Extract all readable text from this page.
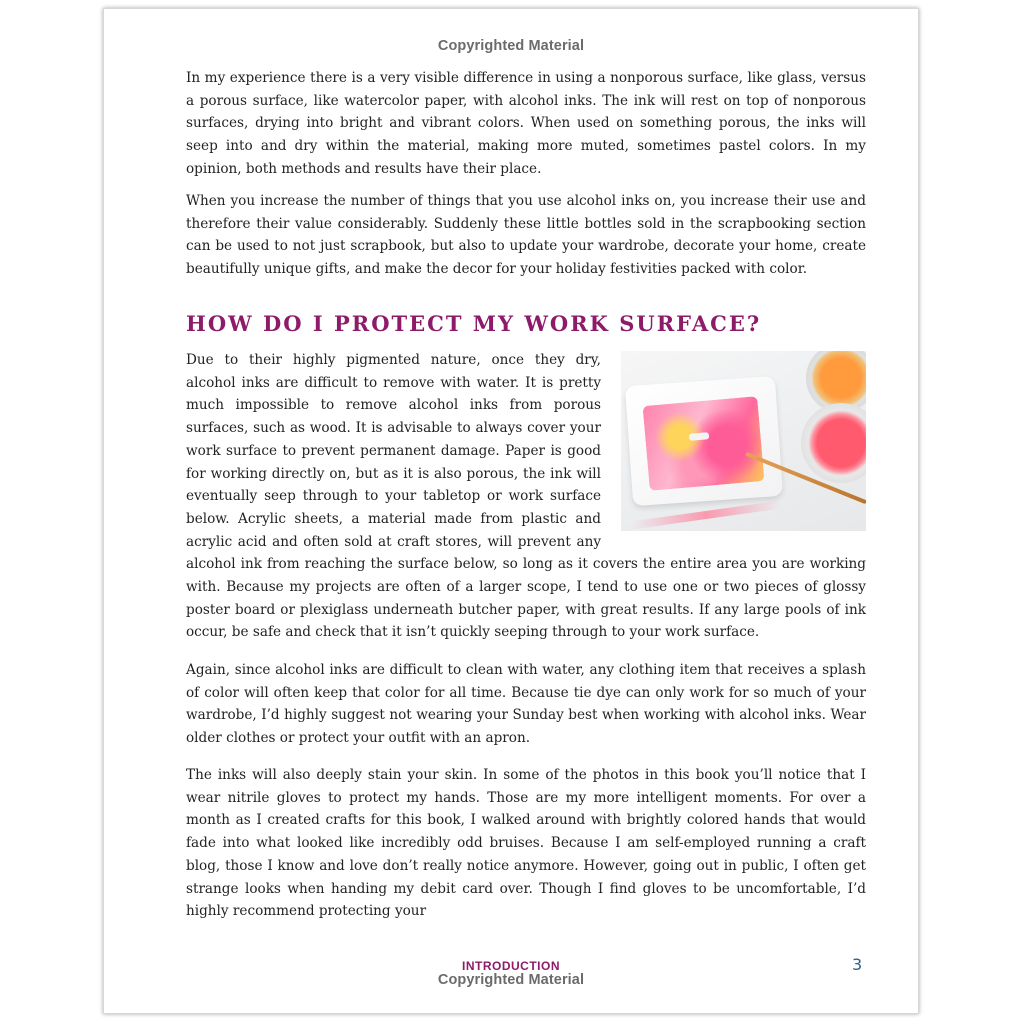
Copyrighted Material

In my experience there is a very visible difference in using a nonporous surface, like glass, versus a porous surface, like watercolor paper, with alcohol inks. The ink will rest on top of nonporous surfaces, drying into bright and vibrant colors. When used on something porous, the inks will seep into and dry within the material, making more muted, sometimes pastel colors. In my opinion, both methods and results have their place.

When you increase the number of things that you use alcohol inks on, you increase their use and therefore their value considerably. Suddenly these little bottles sold in the scrapbooking section can be used to not just scrapbook, but also to update your wardrobe, decorate your home, create beautifully unique gifts, and make the decor for your holiday festivities packed with color.

HOW DO I PROTECT MY WORK SURFACE?
Due to their highly pigmented nature, once they dry, alcohol inks are difficult to remove with water. It is pretty much impossible to remove alcohol inks from porous surfaces, such as wood. It is advisable to always cover your work surface to prevent permanent damage. Paper is good for working directly on, but as it is also porous, the ink will eventually seep through to your tabletop or work surface below. Acrylic sheets, a material made from plastic and acrylic acid and often sold at craft stores, will prevent any alcohol ink from reaching the surface below, so long as it covers the entire area you are working with. Because my projects are often of a larger scope, I tend to use one or two pieces of glossy poster board or plexiglass underneath butcher paper, with great results. If any large pools of ink occur, be safe and check that it isn’t quickly seeping through to your work surface.

Again, since alcohol inks are difficult to clean with water, any clothing item that receives a splash of color will often keep that color for all time. Because tie dye can only work for so much of your wardrobe, I’d highly suggest not wearing your Sunday best when working with alcohol inks. Wear older clothes or protect your outfit with an apron.

The inks will also deeply stain your skin. In some of the photos in this book you’ll notice that I wear nitrile gloves to protect my hands. Those are my more intelligent moments. For over a month as I created crafts for this book, I walked around with brightly colored hands that would fade into what looked like incredibly odd bruises. Because I am self-employed running a craft blog, those I know and love don’t really notice anymore. However, going out in public, I often get strange looks when handing my debit card over. Though I find gloves to be uncomfortable, I’d highly recommend protecting your

INTRODUCTION	3
Copyrighted Material
